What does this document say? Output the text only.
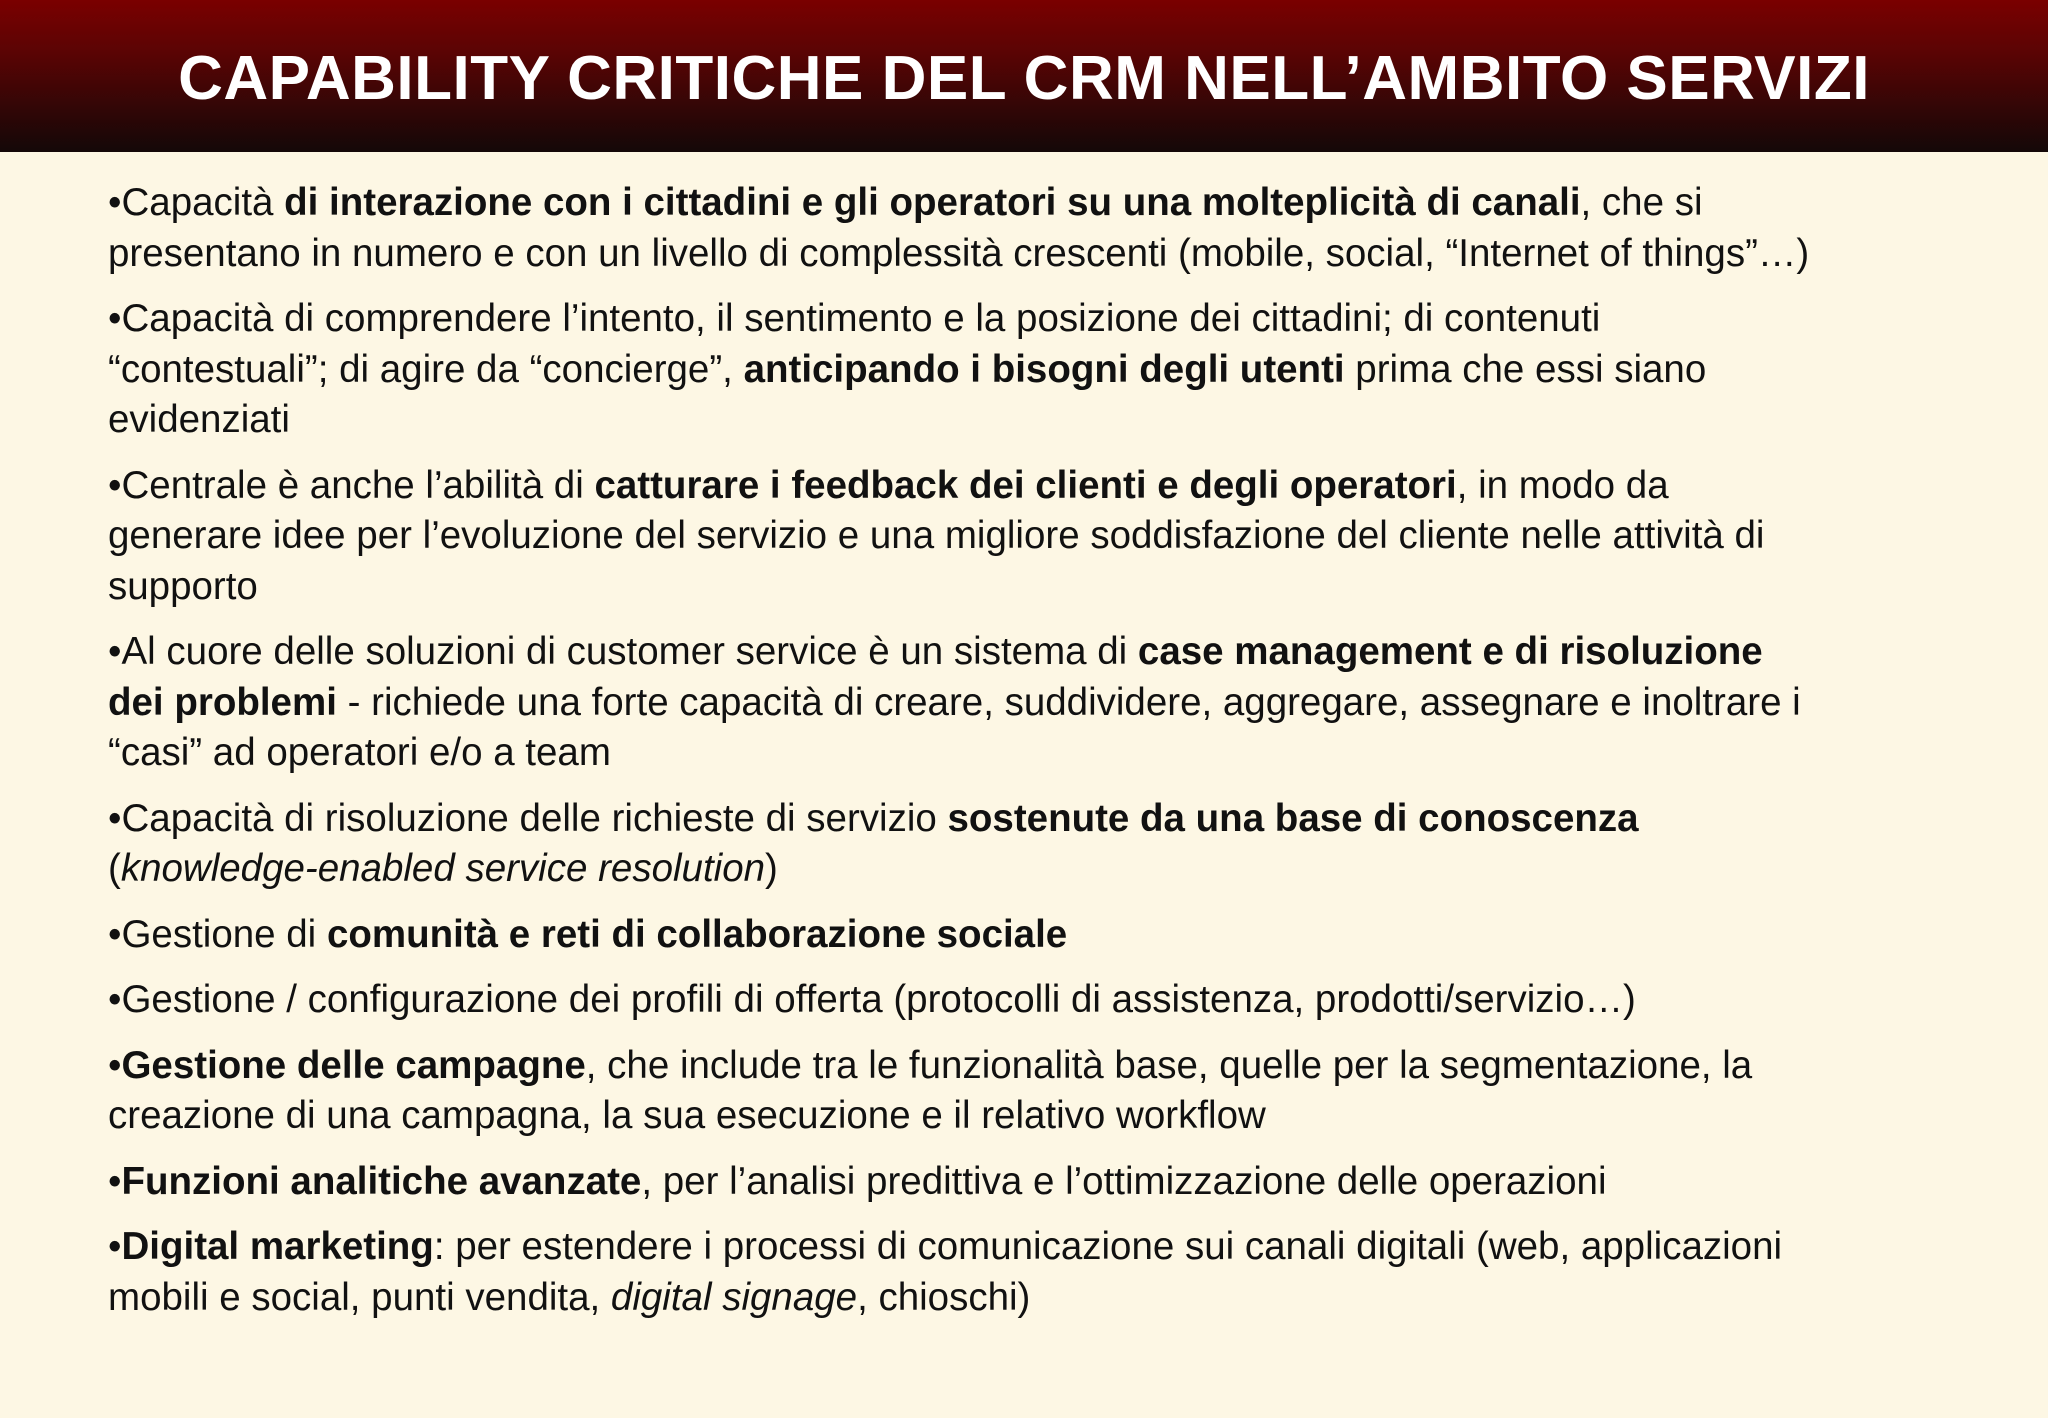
CAPABILITY CRITICHE DEL CRM NELL’AMBITO SERVIZI

•Capacità di interazione con i cittadini e gli operatori su una molteplicità di canali, che si
presentano in numero e con un livello di complessità crescenti (mobile, social, “Internet of things”…)

•Capacità di comprendere l’intento, il sentimento e la posizione dei cittadini; di contenuti
“contestuali”; di agire da “concierge”, anticipando i bisogni degli utenti prima che essi siano
evidenziati

•Centrale è anche l’abilità di catturare i feedback dei clienti e degli operatori, in modo da
generare idee per l’evoluzione del servizio e una migliore soddisfazione del cliente nelle attività di
supporto

•Al cuore delle soluzioni di customer service è un sistema di case management e di risoluzione
dei problemi - richiede una forte capacità di creare, suddividere, aggregare, assegnare e inoltrare i
“casi” ad operatori e/o a team

•Capacità di risoluzione delle richieste di servizio sostenute da una base di conoscenza
(knowledge-enabled service resolution)

•Gestione di comunità e reti di collaborazione sociale

•Gestione / configurazione dei profili di offerta (protocolli di assistenza, prodotti/servizio…)

•Gestione delle campagne, che include tra le funzionalità base, quelle per la segmentazione, la
creazione di una campagna, la sua esecuzione e il relativo workflow

•Funzioni analitiche avanzate, per l’analisi predittiva e l’ottimizzazione delle operazioni

•Digital marketing: per estendere i processi di comunicazione sui canali digitali (web, applicazioni
mobili e social, punti vendita, digital signage, chioschi)
